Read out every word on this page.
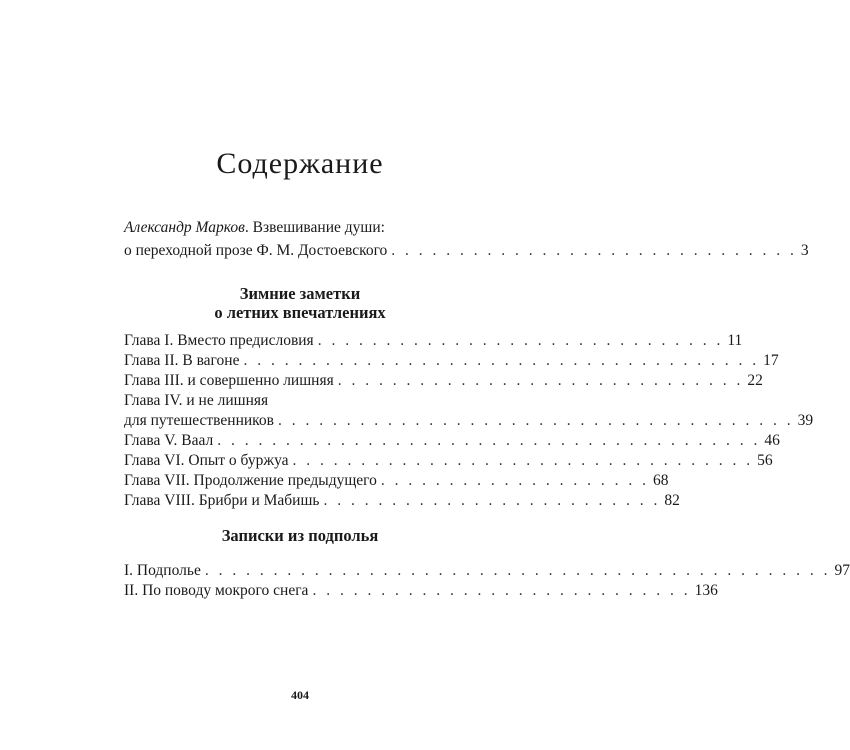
Содержание
Александр Марков. Взвешивание души:
о переходной прозе Ф. М. Достоевского . . . . . . . . . . . . . . . . . . . . . . . . . . . . . . 3
Зимние заметки
о летних впечатлениях
Глава I. Вместо предисловия . . . . . . . . . . . . . . . . . . . . . . . . . . . . . . 11
Глава II. В вагоне . . . . . . . . . . . . . . . . . . . . . . . . . . . . . . . . . . . . . . 17
Глава III. и совершенно лишняя . . . . . . . . . . . . . . . . . . . . . . . . . . . . . . 22
Глава IV. и не лишняя
для путешественников . . . . . . . . . . . . . . . . . . . . . . . . . . . . . . . . . . . . . . 39
Глава V. Ваал . . . . . . . . . . . . . . . . . . . . . . . . . . . . . . . . . . . . . . . . 46
Глава VI. Опыт о буржуа . . . . . . . . . . . . . . . . . . . . . . . . . . . . . . . . . . 56
Глава VII. Продолжение предыдущего . . . . . . . . . . . . . . . . . . . . 68
Глава VIII. Брибри и Мабишь . . . . . . . . . . . . . . . . . . . . . . . . . 82
Записки из подполья
I. Подполье . . . . . . . . . . . . . . . . . . . . . . . . . . . . . . . . . . . . . . . . . . . . . . 97
II. По поводу мокрого снега . . . . . . . . . . . . . . . . . . . . . . . . . . . . 136
404
